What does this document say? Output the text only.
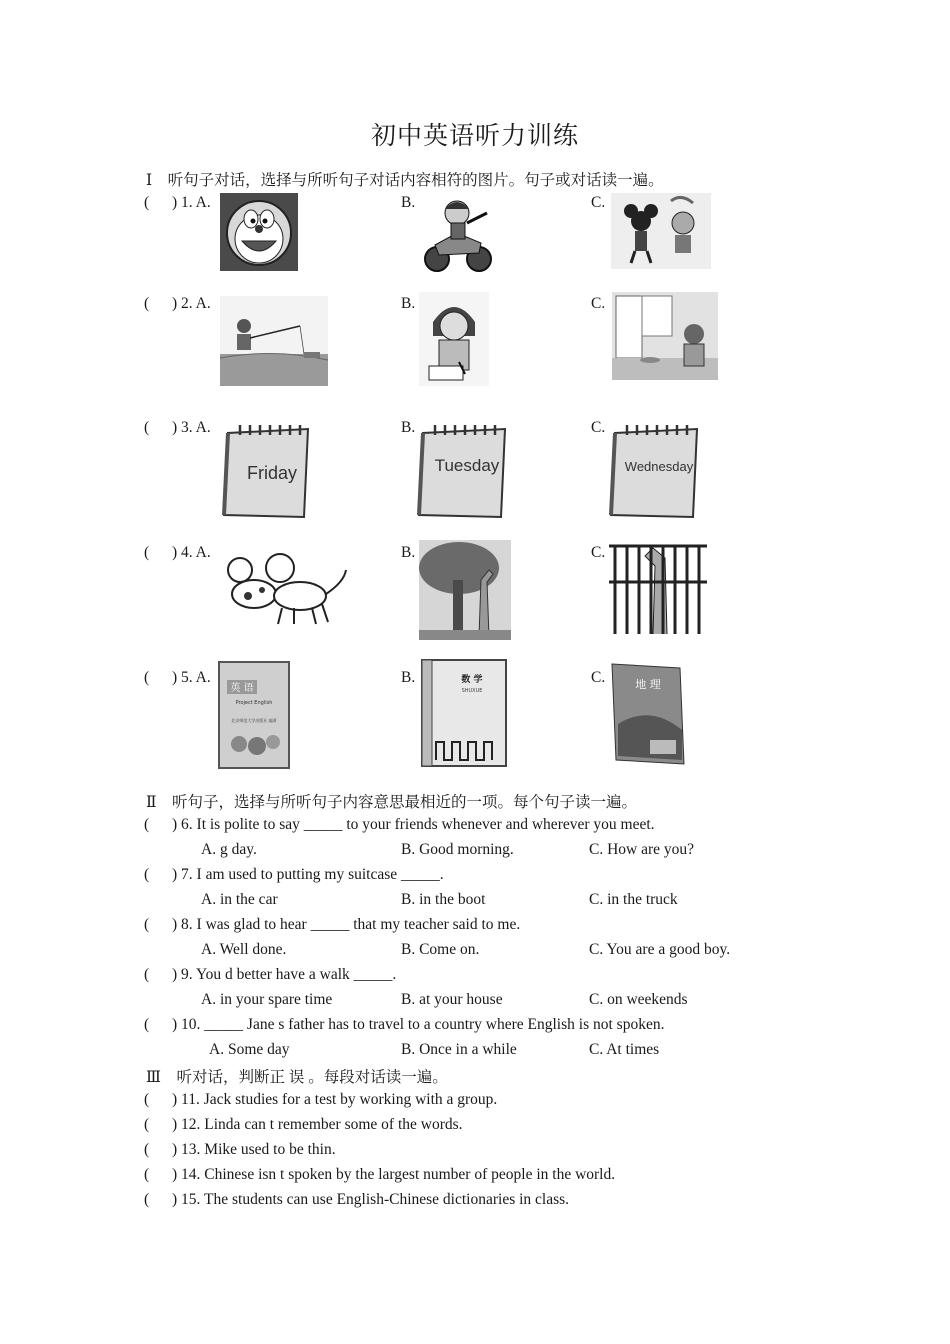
初中英语听力训练
Ⅰ　听句子对话，选择与所听句子对话内容相符的图片。句子或对话读一遍。
( ) 1. A.	B.	C.
( ) 2. A.	B.	C.
( ) 3. A.	B.	C.
Friday	Tuesday	Wednesday
( ) 4. A.	B.	C.
( ) 5. A.	B.	C.
英 语
Project English
北京师范大学出版社 编著
数 学
SHUXUE	地 理
Ⅱ　听句子，选择与所听句子内容意思最相近的一项。每个句子读一遍。
( ) 6. It is polite to say _____ to your friends whenever and wherever you meet.
A. g day.	B. Good morning.	C. How are you?
( ) 7. I am used to putting my suitcase _____.
A. in the car	B. in the boot	C. in the truck
( ) 8. I was glad to hear _____ that my teacher said to me.
A. Well done.	B. Come on.	C. You are a good boy.
( ) 9. You d better have a walk _____.
A. in your spare time	B. at your house	C. on weekends
( ) 10. _____ Jane s father has to travel to a country where English is not spoken.
A. Some day	B. Once in a while	C. At times
Ⅲ　听对话，判断正 误 。每段对话读一遍。
( ) 11. Jack studies for a test by working with a group.
( ) 12. Linda can t remember some of the words.
( ) 13. Mike used to be thin.
( ) 14. Chinese isn t spoken by the largest number of people in the world.
( ) 15. The students can use English-Chinese dictionaries in class.
